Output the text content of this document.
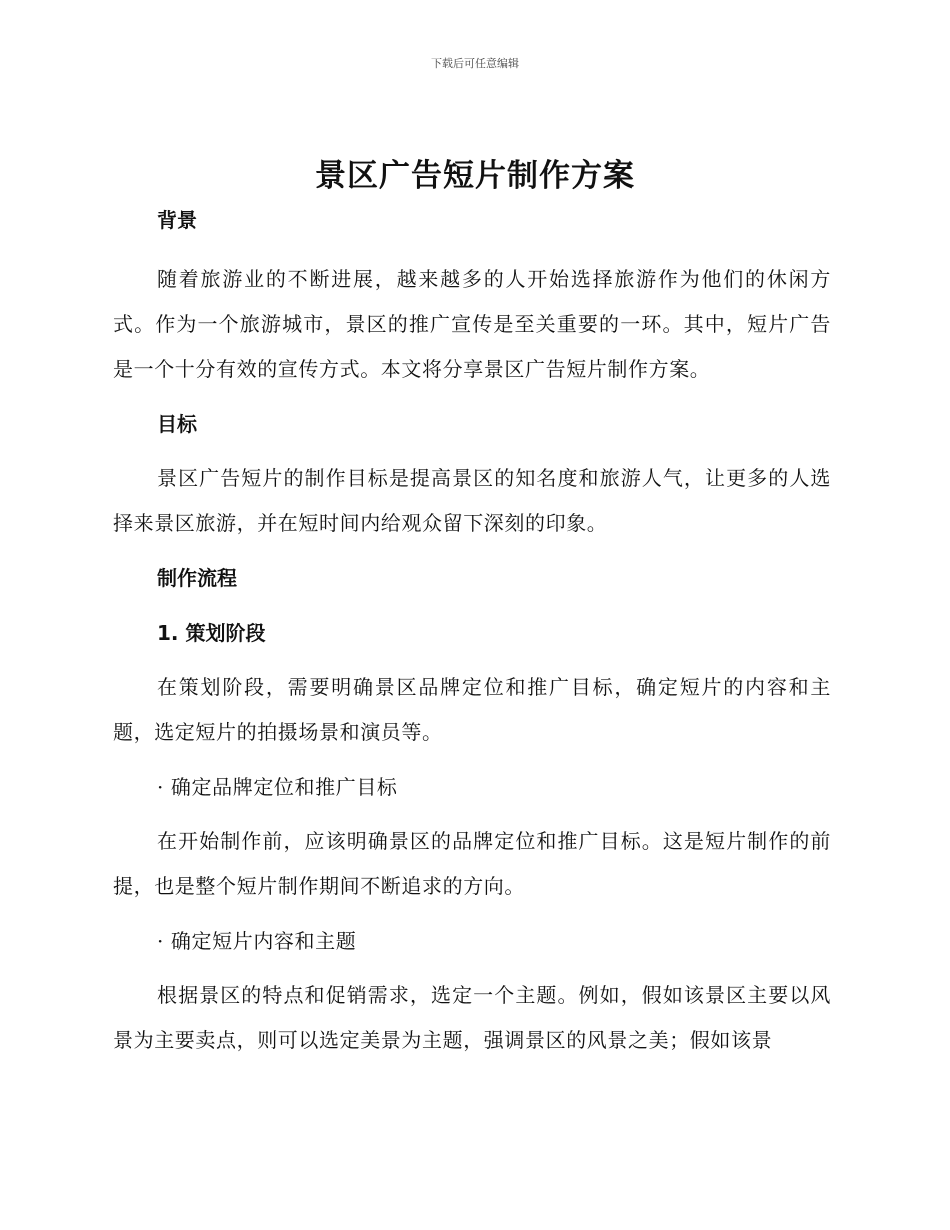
下载后可任意编辑
景区广告短片制作方案
背景

随着旅游业的不断进展，越来越多的人开始选择旅游作为他们的休闲方式。作为一个旅游城市，景区的推广宣传是至关重要的一环。其中，短片广告是一个十分有效的宣传方式。本文将分享景区广告短片制作方案。

目标

景区广告短片的制作目标是提高景区的知名度和旅游人气，让更多的人选择来景区旅游，并在短时间内给观众留下深刻的印象。

制作流程
1. 策划阶段

在策划阶段，需要明确景区品牌定位和推广目标，确定短片的内容和主题，选定短片的拍摄场景和演员等。

· 确定品牌定位和推广目标

在开始制作前，应该明确景区的品牌定位和推广目标。这是短片制作的前提，也是整个短片制作期间不断追求的方向。

· 确定短片内容和主题

根据景区的特点和促销需求，选定一个主题。例如，假如该景区主要以风景为主要卖点，则可以选定美景为主题，强调景区的风景之美；假如该景
